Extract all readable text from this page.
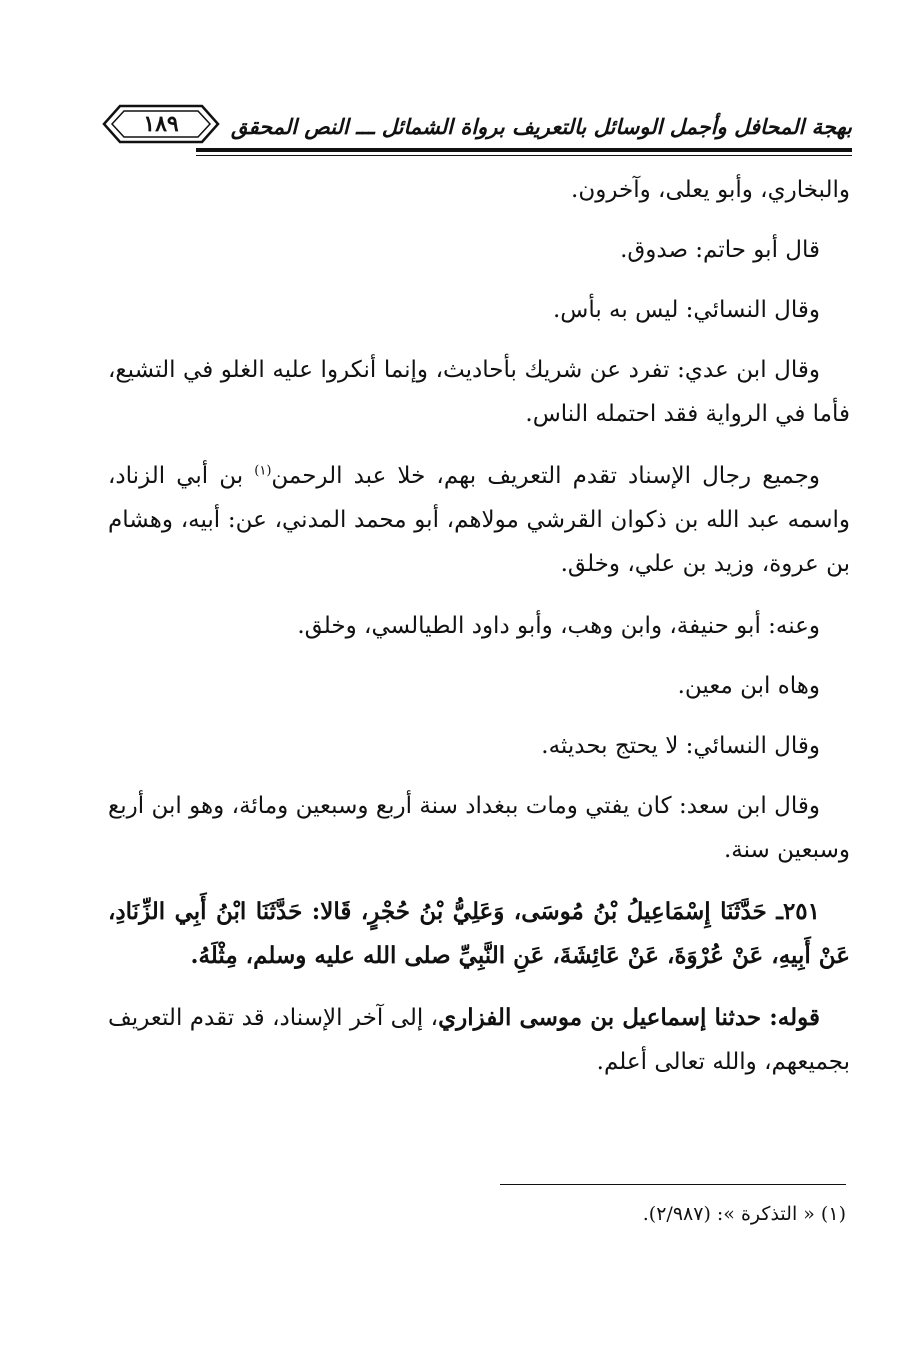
بهجة المحافل وأجمل الوسائل بالتعريف برواة الشمائل ـــ النص المحقق
١٨٩

والبخاري، وأبو يعلى، وآخرون.

قال أبو حاتم: صدوق.

وقال النسائي: ليس به بأس.

وقال ابن عدي: تفرد عن شريك بأحاديث، وإنما أنكروا عليه الغلو في التشيع، فأما في الرواية فقد احتمله الناس.

وجميع رجال الإسناد تقدم التعريف بهم، خلا عبد الرحمن$^{(١)}$ بن أبي الزناد، واسمه عبد الله بن ذكوان القرشي مولاهم، أبو محمد المدني، عن: أبيه، وهشام بن عروة، وزيد بن علي، وخلق.

وعنه: أبو حنيفة، وابن وهب، وأبو داود الطيالسي، وخلق.

وهاه ابن معين.

وقال النسائي: لا يحتج بحديثه.

وقال ابن سعد: كان يفتي ومات ببغداد سنة أربع وسبعين ومائة، وهو ابن أربع وسبعين سنة.

٢٥١ـ حَدَّثَنَا إِسْمَاعِيلُ بْنُ مُوسَى، وَعَلِيُّ بْنُ حُجْرٍ، قَالا: حَدَّثَنَا ابْنُ أَبِي الزِّنَادِ، عَنْ أَبِيهِ، عَنْ عُرْوَةَ، عَنْ عَائِشَةَ، عَنِ النَّبِيِّ صلى الله عليه وسلم، مِثْلَهُ.

قوله: حدثنا إسماعيل بن موسى الفزاري، إلى آخر الإسناد، قد تقدم التعريف بجميعهم، والله تعالى أعلم.

(١) « التذكرة »: (٢/٩٨٧).
